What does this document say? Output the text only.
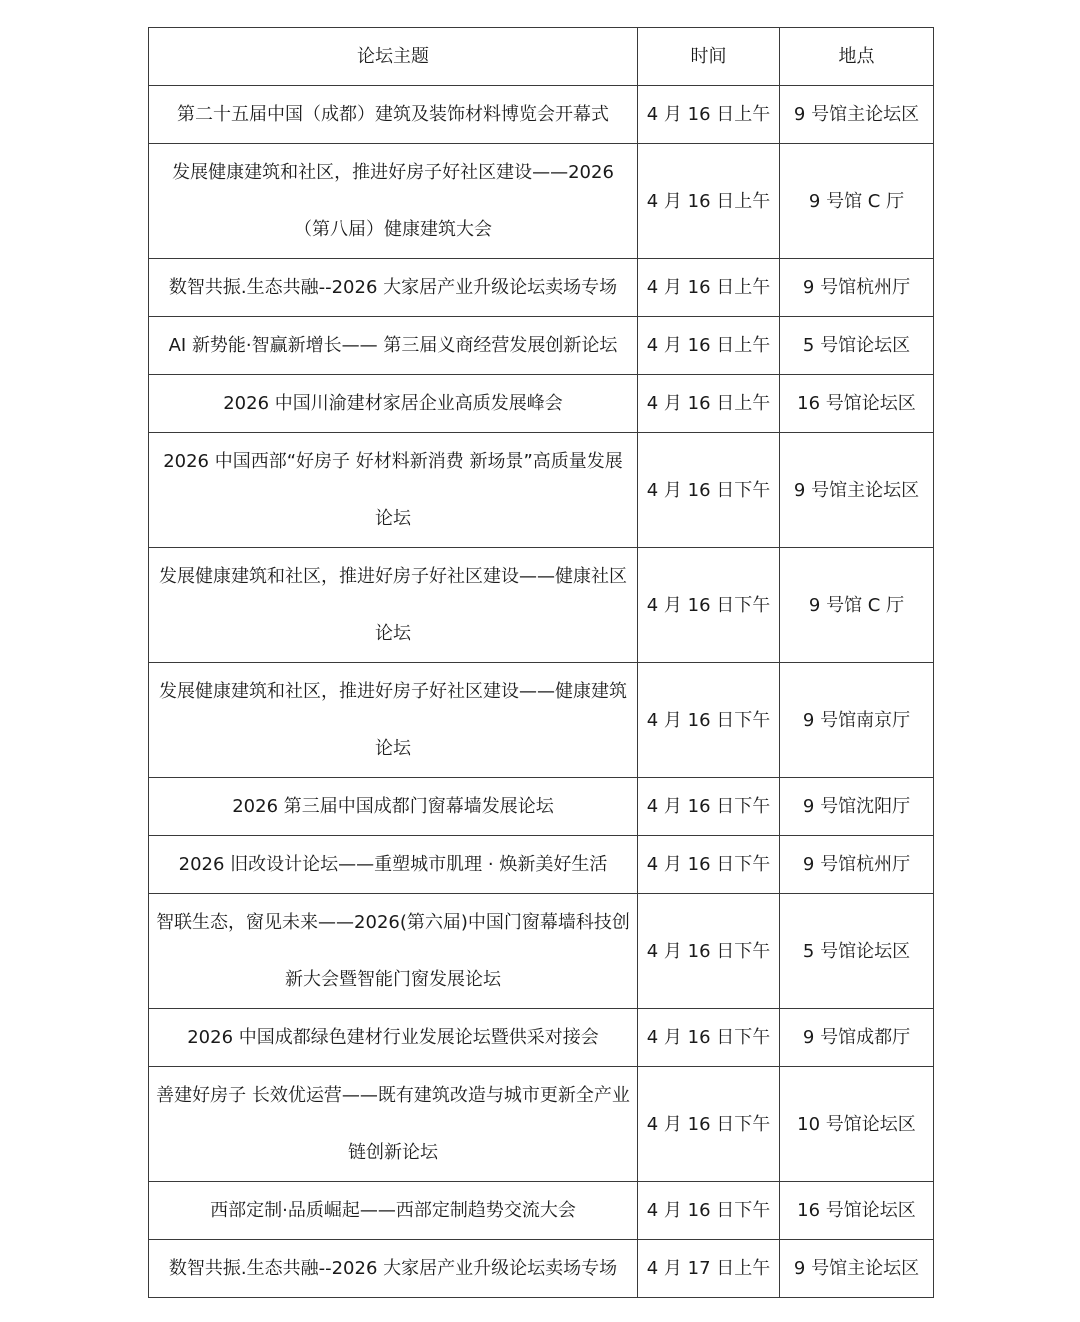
论坛主题	时间	地点
第二十五届中国（成都）建筑及装饰材料博览会开幕式	4 月 16 日上午	9 号馆主论坛区
发展健康建筑和社区，推进好房子好社区建设——2026（第八届）健康建筑大会	4 月 16 日上午	9 号馆 C 厅
数智共振.生态共融--2026 大家居产业升级论坛卖场专场	4 月 16 日上午	9 号馆杭州厅
AI 新势能·智赢新增长—— 第三届义商经营发展创新论坛	4 月 16 日上午	5 号馆论坛区
2026 中国川渝建材家居企业高质发展峰会	4 月 16 日上午	16 号馆论坛区
2026 中国西部“好房子 好材料新消费 新场景”高质量发展论坛	4 月 16 日下午	9 号馆主论坛区
发展健康建筑和社区，推进好房子好社区建设——健康社区论坛	4 月 16 日下午	9 号馆 C 厅
发展健康建筑和社区，推进好房子好社区建设——健康建筑论坛	4 月 16 日下午	9 号馆南京厅
2026 第三届中国成都门窗幕墙发展论坛	4 月 16 日下午	9 号馆沈阳厅
2026 旧改设计论坛——重塑城市肌理 · 焕新美好生活	4 月 16 日下午	9 号馆杭州厅
智联生态，窗见未来——2026(第六届)中国门窗幕墙科技创新大会暨智能门窗发展论坛	4 月 16 日下午	5 号馆论坛区
2026 中国成都绿色建材行业发展论坛暨供采对接会	4 月 16 日下午	9 号馆成都厅
善建好房子 长效优运营——既有建筑改造与城市更新全产业链创新论坛	4 月 16 日下午	10 号馆论坛区
西部定制·品质崛起——西部定制趋势交流大会	4 月 16 日下午	16 号馆论坛区
数智共振.生态共融--2026 大家居产业升级论坛卖场专场	4 月 17 日上午	9 号馆主论坛区
